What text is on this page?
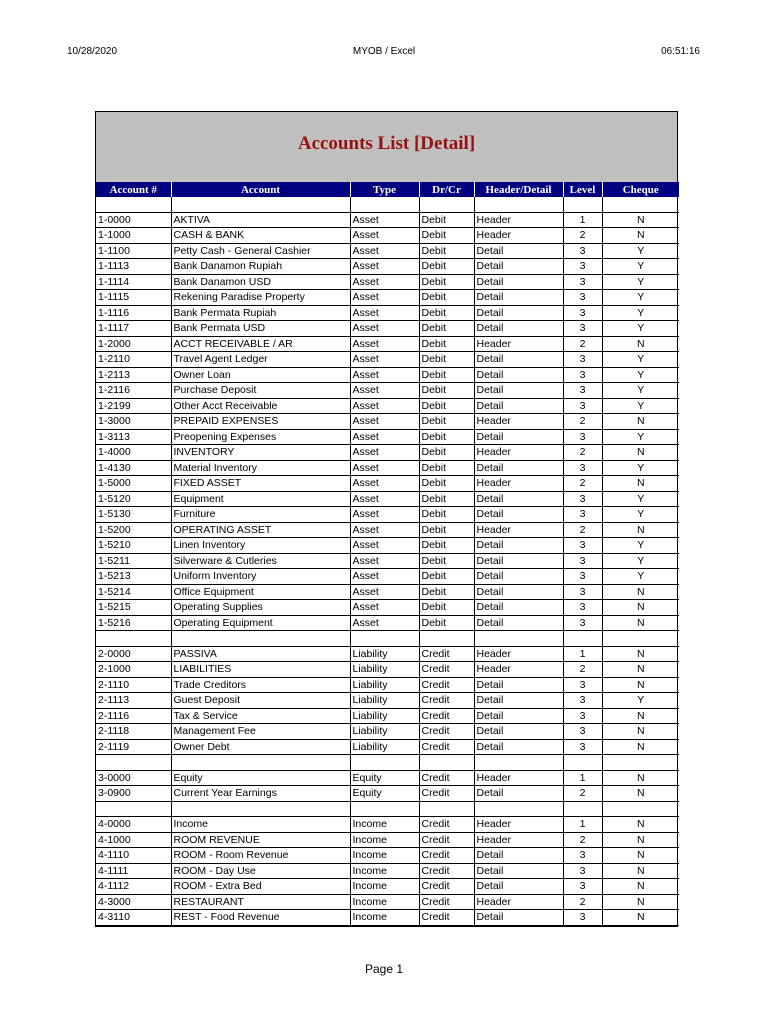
10/28/2020	MYOB / Excel	06:51:16
Accounts List [Detail]
Account #	Account	Type	Dr/Cr	Header/Detail	Level	Cheque

1-0000	AKTIVA	Asset	Debit	Header	1	N
1-1000	CASH & BANK	Asset	Debit	Header	2	N
1-1100	Petty Cash - General Cashier	Asset	Debit	Detail	3	Y
1-1113	Bank Danamon Rupiah	Asset	Debit	Detail	3	Y
1-1114	Bank Danamon USD	Asset	Debit	Detail	3	Y
1-1115	Rekening Paradise Property	Asset	Debit	Detail	3	Y
1-1116	Bank Permata Rupiah	Asset	Debit	Detail	3	Y
1-1117	Bank Permata USD	Asset	Debit	Detail	3	Y
1-2000	ACCT RECEIVABLE / AR	Asset	Debit	Header	2	N
1-2110	Travel Agent Ledger	Asset	Debit	Detail	3	Y
1-2113	Owner Loan	Asset	Debit	Detail	3	Y
1-2116	Purchase Deposit	Asset	Debit	Detail	3	Y
1-2199	Other Acct Receivable	Asset	Debit	Detail	3	Y
1-3000	PREPAID EXPENSES	Asset	Debit	Header	2	N
1-3113	Preopening Expenses	Asset	Debit	Detail	3	Y
1-4000	INVENTORY	Asset	Debit	Header	2	N
1-4130	Material Inventory	Asset	Debit	Detail	3	Y
1-5000	FIXED ASSET	Asset	Debit	Header	2	N
1-5120	Equipment	Asset	Debit	Detail	3	Y
1-5130	Furniture	Asset	Debit	Detail	3	Y
1-5200	OPERATING ASSET	Asset	Debit	Header	2	N
1-5210	Linen Inventory	Asset	Debit	Detail	3	Y
1-5211	Silverware & Cutleries	Asset	Debit	Detail	3	Y
1-5213	Uniform Inventory	Asset	Debit	Detail	3	Y
1-5214	Office Equipment	Asset	Debit	Detail	3	N
1-5215	Operating Supplies	Asset	Debit	Detail	3	N
1-5216	Operating Equipment	Asset	Debit	Detail	3	N

2-0000	PASSIVA	Liability	Credit	Header	1	N
2-1000	LIABILITIES	Liability	Credit	Header	2	N
2-1110	Trade Creditors	Liability	Credit	Detail	3	N
2-1113	Guest Deposit	Liability	Credit	Detail	3	Y
2-1116	Tax & Service	Liability	Credit	Detail	3	N
2-1118	Management Fee	Liability	Credit	Detail	3	N
2-1119	Owner Debt	Liability	Credit	Detail	3	N

3-0000	Equity	Equity	Credit	Header	1	N
3-0900	Current Year Earnings	Equity	Credit	Detail	2	N

4-0000	Income	Income	Credit	Header	1	N
4-1000	ROOM REVENUE	Income	Credit	Header	2	N
4-1110	ROOM - Room Revenue	Income	Credit	Detail	3	N
4-1111	ROOM - Day Use	Income	Credit	Detail	3	N
4-1112	ROOM - Extra Bed	Income	Credit	Detail	3	N
4-3000	RESTAURANT	Income	Credit	Header	2	N
4-3110	REST - Food Revenue	Income	Credit	Detail	3	N
Page 1
